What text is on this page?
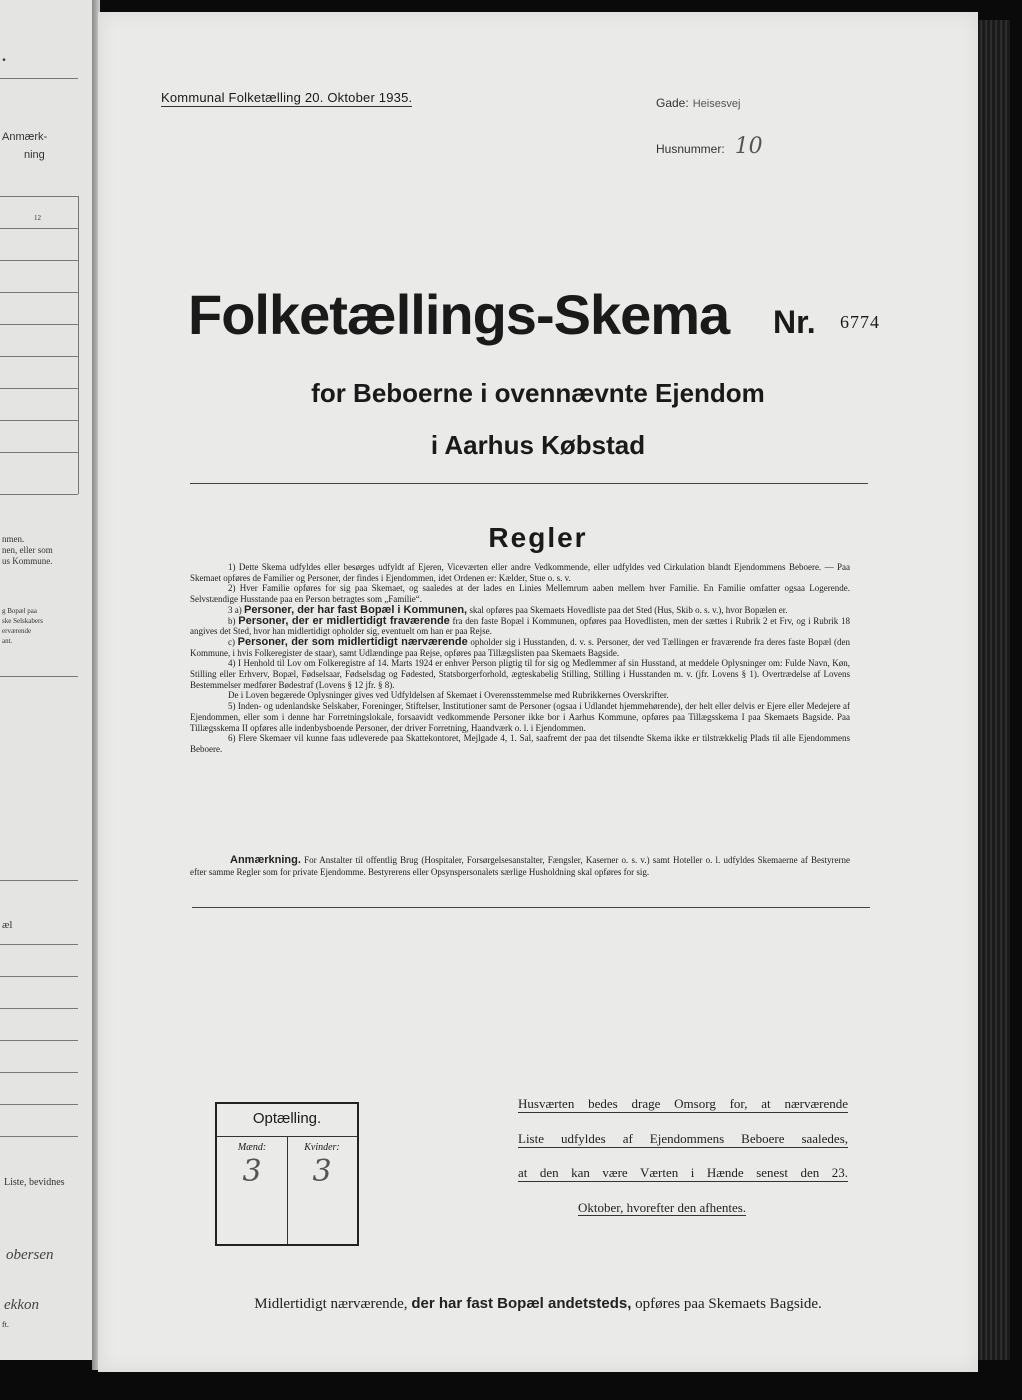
.
Anmærk-
ning
12
nmen.
nen, eller som
us Kommune.
g Bopæl paa
ske Selskabers
erværende
ant.
æl
Liste, bevidnes
obersen
ekkon
ft.
Kommunal Folketælling 20. Oktober 1935.	Gade: Heisesvej
Husnummer: 10
Folketællings-Skema Nr. 6774
for Beboerne i ovennævnte Ejendom
i Aarhus Købstad
Regler

1) Dette Skema udfyldes eller besørges udfyldt af Ejeren, Viceværten eller andre Vedkommende, eller udfyldes ved Cirkulation blandt Ejendommens Beboere. — Paa Skemaet opføres de Familier og Personer, der findes i Ejendommen, idet Ordenen er: Kælder, Stue o. s. v.

2) Hver Familie opføres for sig paa Skemaet, og saaledes at der lades en Linies Mellemrum aaben mellem hver Familie. En Familie omfatter ogsaa Logerende. Selvstændige Husstande paa en Person betragtes som „Familie“.

3 a) Personer, der har fast Bopæl i Kommunen, skal opføres paa Skemaets Hovedliste paa det Sted (Hus, Skib o. s. v.), hvor Bopælen er.

b) Personer, der er midlertidigt fraværende fra den faste Bopæl i Kommunen, opføres paa Hovedlisten, men der sættes i Rubrik 2 et Frv, og i Rubrik 18 angives det Sted, hvor han midlertidigt opholder sig, eventuelt om han er paa Rejse.

c) Personer, der som midlertidigt nærværende opholder sig i Husstanden, d. v. s. Personer, der ved Tællingen er fraværende fra deres faste Bopæl (den Kommune, i hvis Folkeregister de staar), samt Udlændinge paa Rejse, opføres paa Tillægslisten paa Skemaets Bagside.

4) I Henhold til Lov om Folkeregistre af 14. Marts 1924 er enhver Person pligtig til for sig og Medlemmer af sin Husstand, at meddele Oplysninger om: Fulde Navn, Køn, Stilling eller Erhverv, Bopæl, Fødselsaar, Fødselsdag og Fødested, Statsborgerforhold, ægteskabelig Stilling, Stilling i Husstanden m. v. (jfr. Lovens § 1). Overtrædelse af Lovens Bestemmelser medfører Bødestraf (Lovens § 12 jfr. § 8).

De i Loven begærede Oplysninger gives ved Udfyldelsen af Skemaet i Overensstemmelse med Rubrikkernes Overskrifter.

5) Inden- og udenlandske Selskaber, Foreninger, Stiftelser, Institutioner samt de Personer (ogsaa i Udlandet hjemmehørende), der helt eller delvis er Ejere eller Medejere af Ejendommen, eller som i denne har Forretningslokale, forsaavidt vedkommende Personer ikke bor i Aarhus Kommune, opføres paa Tillægsskema I paa Skemaets Bagside. Paa Tillægsskema II opføres alle indenbysboende Personer, der driver Forretning, Haandværk o. l. i Ejendommen.

6) Flere Skemaer vil kunne faas udleverede paa Skattekontoret, Mejlgade 4, 1. Sal, saafremt der paa det tilsendte Skema ikke er tilstrækkelig Plads til alle Ejendommens Beboere.

Anmærkning. For Anstalter til offentlig Brug (Hospitaler, Forsørgelsesanstalter, Fængsler, Kaserner o. s. v.) samt Hoteller o. l. udfyldes Skemaerne af Bestyrerne efter samme Regler som for private Ejendomme. Bestyrerens eller Opsynspersonalets særlige Husholdning skal opføres for sig.
Optælling.
Mænd:	Kvinder:
3	3
Husværten bedes drage Omsorg for, at nærværende
Liste udfyldes af Ejendommens Beboere saaledes,
at den kan være Værten i Hænde senest den 23.
Oktober, hvorefter den afhentes.
Midlertidigt nærværende, der har fast Bopæl andetsteds, opføres paa Skemaets Bagside.
